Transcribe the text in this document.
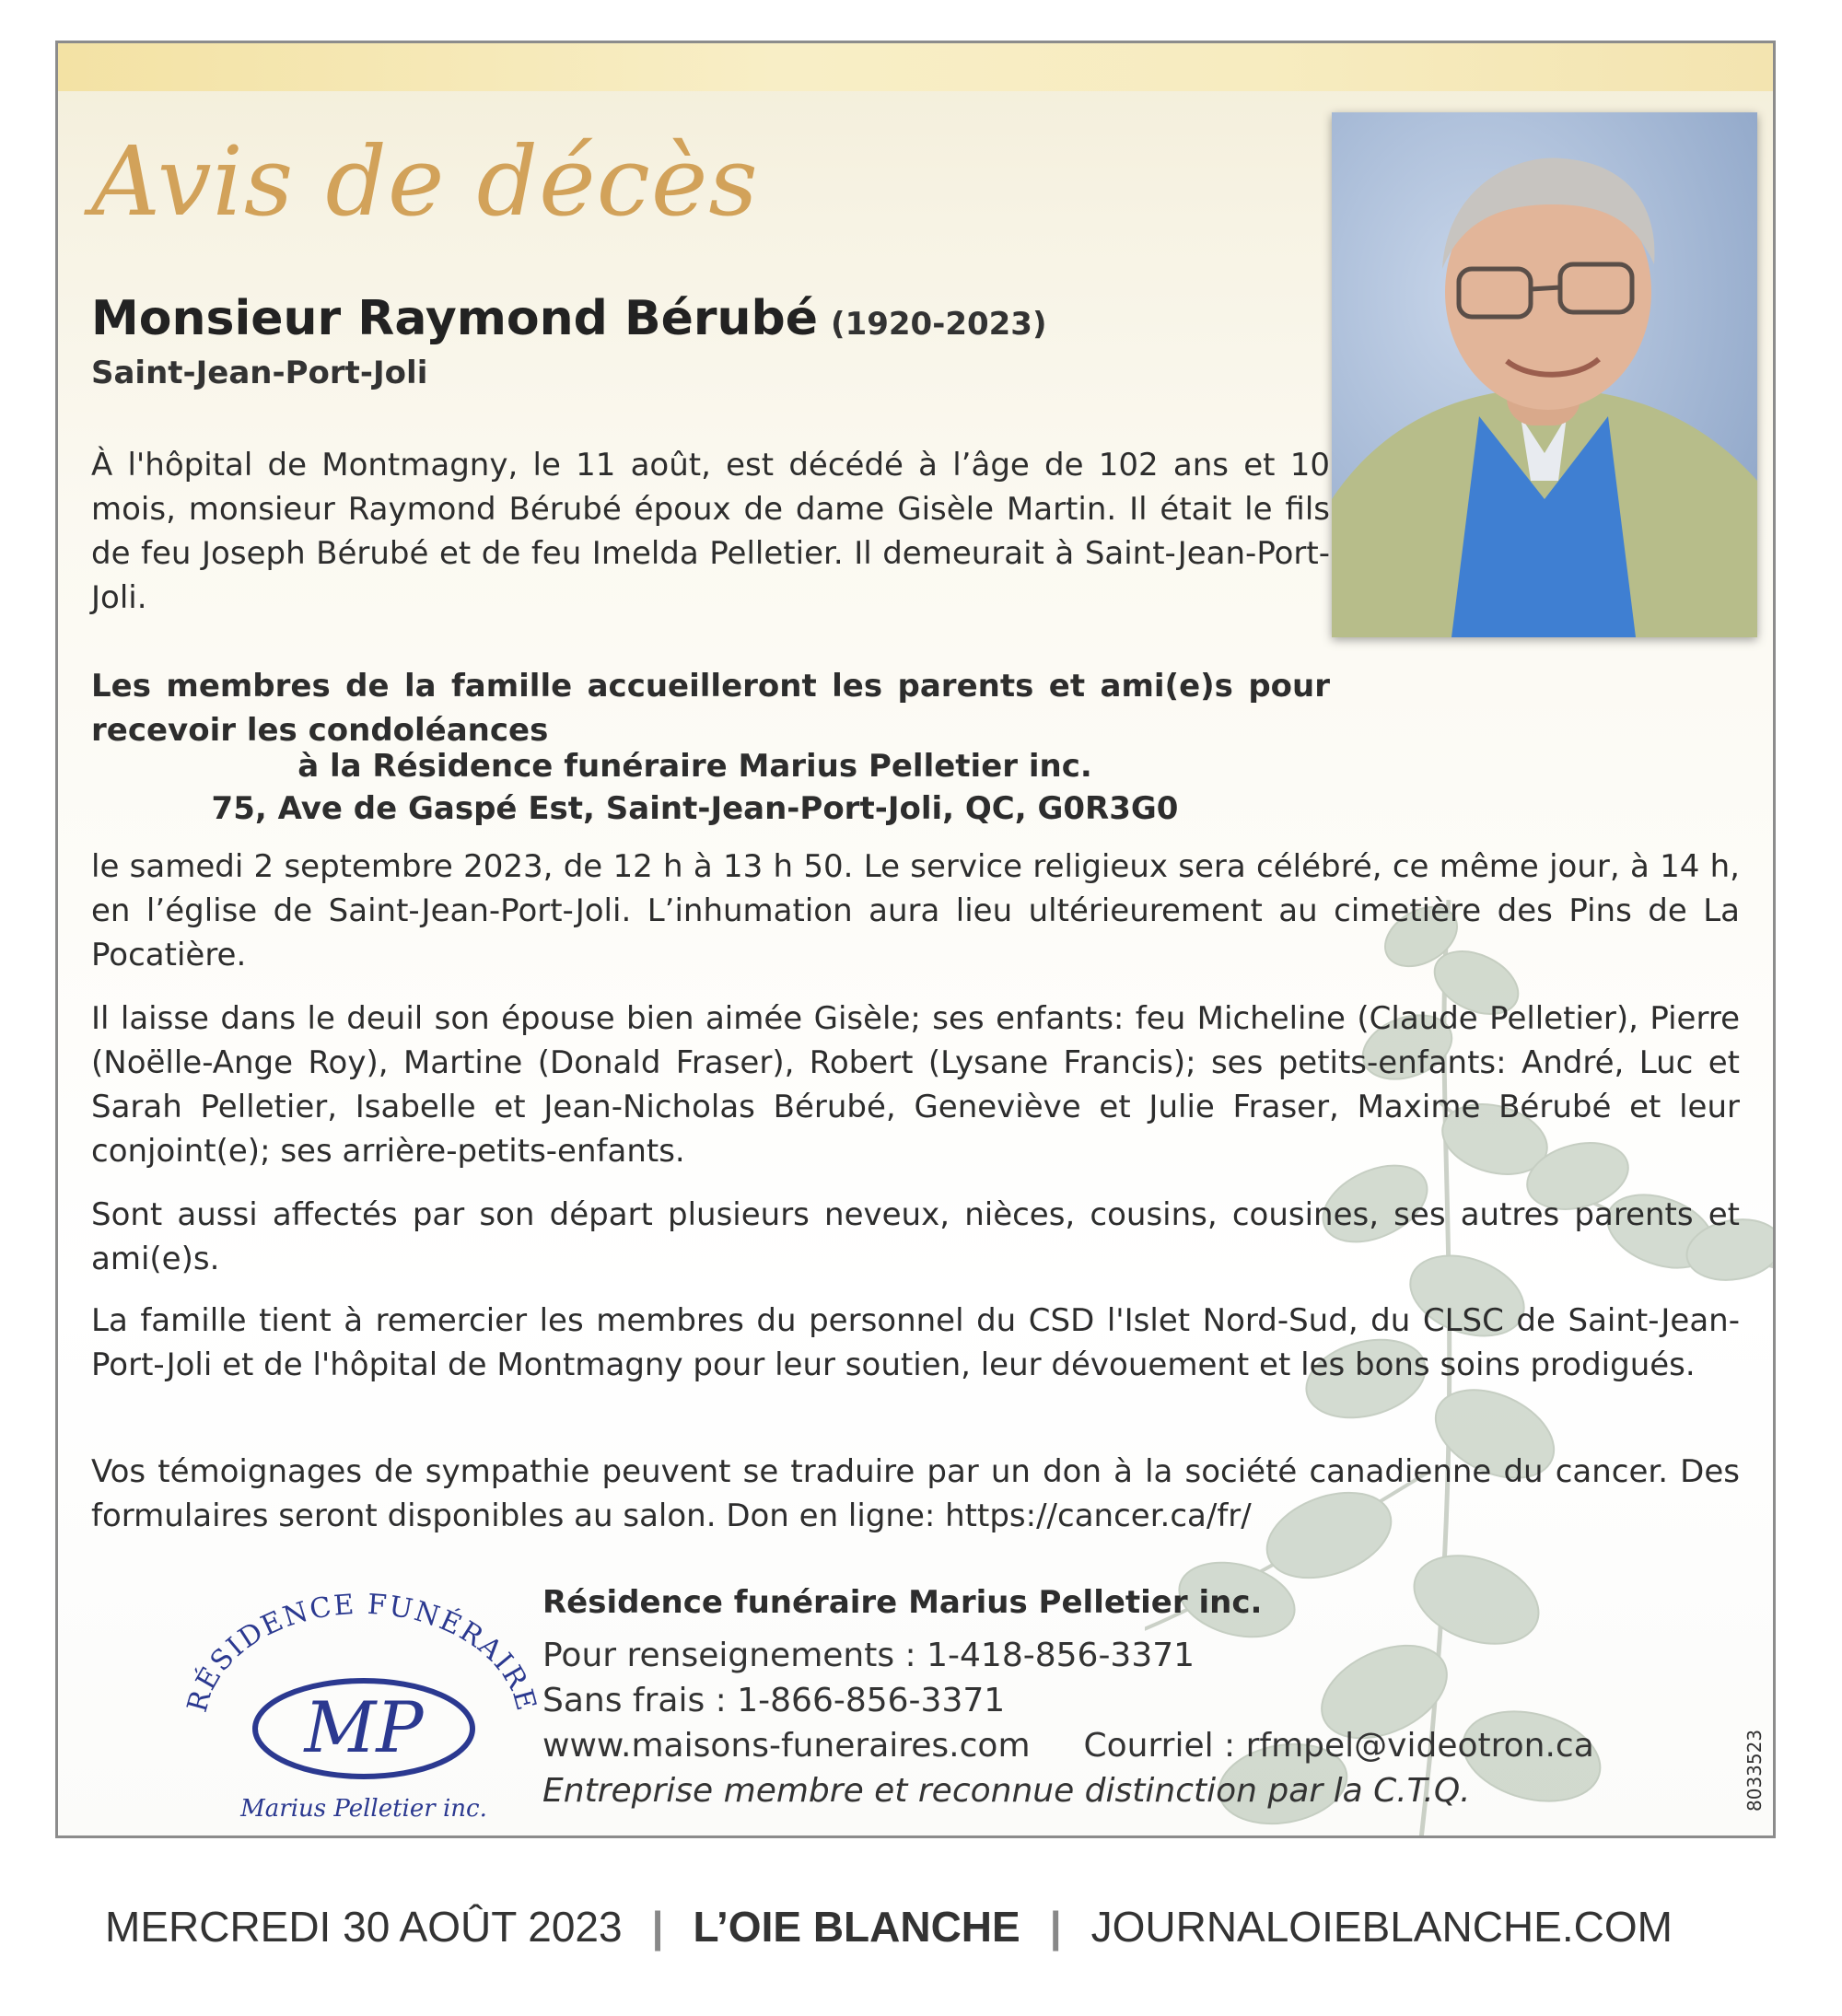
Avis de décès
Monsieur Raymond Bérubé (1920-2023)
Saint-Jean-Port-Joli

À l'hôpital de Montmagny, le 11 août, est décédé à l’âge de 102 ans et 10 mois, monsieur Raymond Bérubé époux de dame Gisèle Martin. Il était le fils de feu Joseph Bérubé et de feu Imelda Pelletier. Il demeurait à Saint-Jean-Port-Joli.

Les membres de la famille accueilleront les parents et ami(e)s pour recevoir les condoléances

à la Résidence funéraire Marius Pelletier inc.
75, Ave de Gaspé Est, Saint-Jean-Port-Joli, QC, G0R3G0

le samedi 2 septembre 2023, de 12 h à 13 h 50. Le service religieux sera célébré, ce même jour, à 14 h, en l’église de Saint-Jean-Port-Joli. L’inhumation aura lieu ultérieurement au cimetière des Pins de La Pocatière.

Il laisse dans le deuil son épouse bien aimée Gisèle; ses enfants: feu Micheline (Claude Pelletier), Pierre (Noëlle-Ange Roy), Martine (Donald Fraser), Robert (Lysane Francis); ses petits-enfants: André, Luc et Sarah Pelletier, Isabelle et Jean-Nicholas Bérubé, Geneviève et Julie Fraser, Maxime Bérubé et leur conjoint(e); ses arrière-petits-enfants.

Sont aussi affectés par son départ plusieurs neveux, nièces, cousins, cousines, ses autres parents et ami(e)s.

La famille tient à remercier les membres du personnel du CSD l'Islet Nord-Sud, du CLSC de Saint-Jean-Port-Joli et de l'hôpital de Montmagny pour leur soutien, leur dévouement et les bons soins prodigués.

Vos témoignages de sympathie peuvent se traduire par un don à la société canadienne du cancer. Des formulaires seront disponibles au salon. Don en ligne: https://cancer.ca/fr/

RÉSIDENCE FUNÉRAIRE
MP
Marius Pelletier inc.
Résidence funéraire Marius Pelletier inc.
Pour renseignements : 1-418-856-3371
Sans frais : 1-866-856-3371
www.maisons-funeraires.com Courriel : rfmpel@videotron.ca
Entreprise membre et reconnue distinction par la C.T.Q.	8033523
MERCREDI 30 AOÛT 2023 | L’OIE BLANCHE | JOURNALOIEBLANCHE.COM
